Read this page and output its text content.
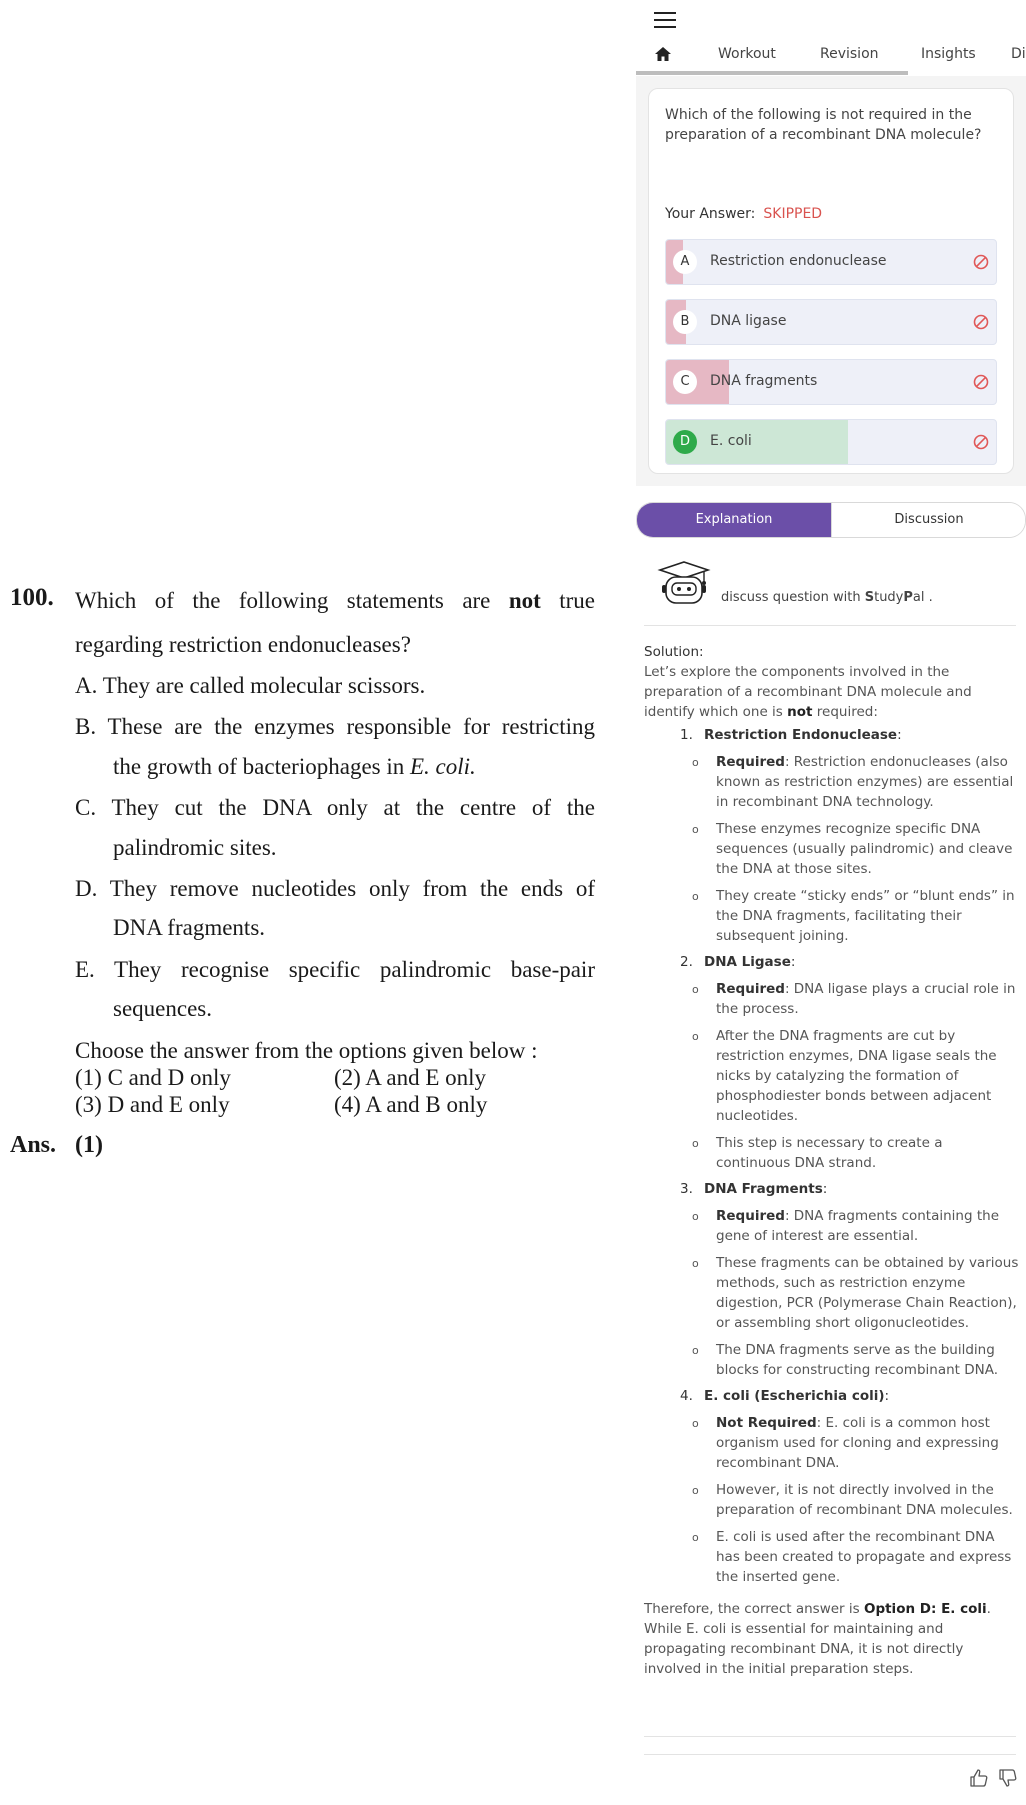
100. Which of the following statements are not true
regarding restriction endonucleases?
A. They are called molecular scissors.
B. These are the enzymes responsible for restricting
the growth of bacteriophages in E. coli.
C. They cut the DNA only at the centre of the
palindromic sites.
D. They remove nucleotides only from the ends of
DNA fragments.
E. They recognise specific palindromic base-pair
sequences.
Choose the answer from the options given below :
(1) C and D only	(2) A and E only
(3) D and E only	(4) A and B only
Ans. (1)
Workout	Revision	Insights	Di
Which of the following is not required in the preparation of a recombinant DNA molecule?
Your Answer: SKIPPED
A	Restriction endonuclease
B	DNA ligase
C	DNA fragments
D	E. coli
Explanation	Discussion
discuss question with StudyPal .

Solution:

Let’s explore the components involved in the preparation of a recombinant DNA molecule and identify which one is not required:

1. Restriction Endonuclease:
o Required: Restriction endonucleases (also known as restriction enzymes) are essential in recombinant DNA technology.
o These enzymes recognize specific DNA sequences (usually palindromic) and cleave the DNA at those sites.
o They create “sticky ends” or “blunt ends” in the DNA fragments, facilitating their subsequent joining.
2. DNA Ligase:
o Required: DNA ligase plays a crucial role in the process.
o After the DNA fragments are cut by restriction enzymes, DNA ligase seals the nicks by catalyzing the formation of phosphodiester bonds between adjacent nucleotides.
o This step is necessary to create a continuous DNA strand.
3. DNA Fragments:
o Required: DNA fragments containing the gene of interest are essential.
o These fragments can be obtained by various methods, such as restriction enzyme digestion, PCR (Polymerase Chain Reaction), or assembling short oligonucleotides.
o The DNA fragments serve as the building blocks for constructing recombinant DNA.
4. E. coli (Escherichia coli):
o Not Required: E. coli is a common host organism used for cloning and expressing recombinant DNA.
o However, it is not directly involved in the preparation of recombinant DNA molecules.
o E. coli is used after the recombinant DNA has been created to propagate and express the inserted gene.

Therefore, the correct answer is Option D: E. coli. While E. coli is essential for maintaining and propagating recombinant DNA, it is not directly involved in the initial preparation steps.
